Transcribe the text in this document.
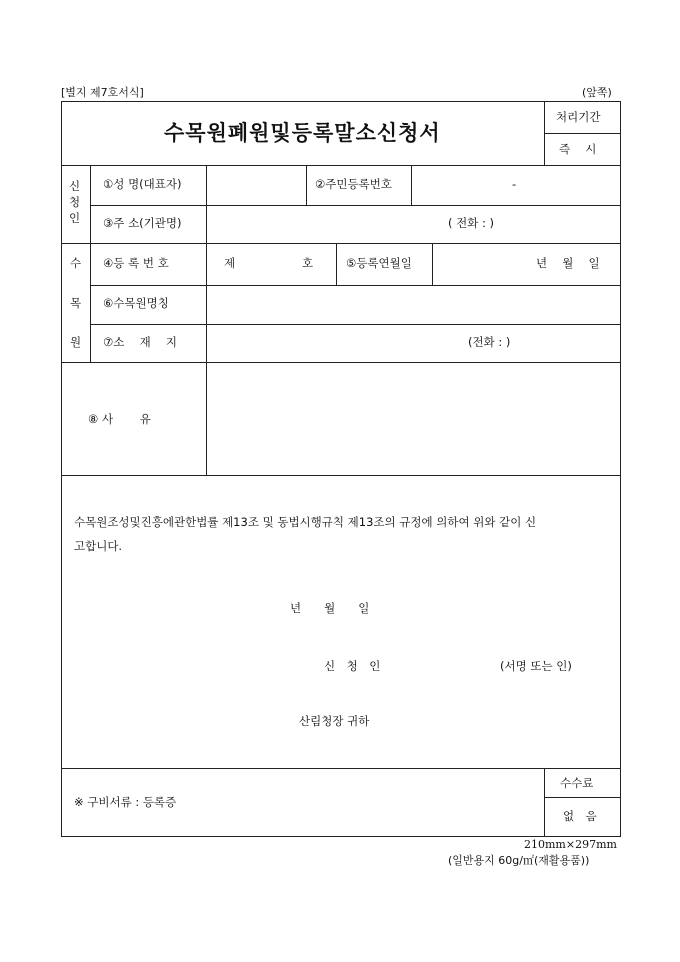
[별지 제7호서식]	(앞쪽)
수목원폐원및등록말소신청서
처리기간
즉　 시
신
청
인
①성 명(대표자)	②주민등록번호	-
③주 소(기관명)	( 전화 : )
수
목
원
④등 록 번 호	제	호	⑤등록연월일	년　 월　 일
⑥수목원명칭
⑦소　 재　 지	(전화 : )
⑧ 사　　 유
수목원조성및진흥에관한법률 제13조 및 동법시행규칙 제13조의 규정에 의하여 위와 같이 신
고합니다.
년　　월　　일
신　청　인	(서명 또는 인)
산림청장 귀하
※ 구비서류 : 등록증
수수료
없　음
210mm×297mm
(일반용지 60g/㎡(재활용품))
